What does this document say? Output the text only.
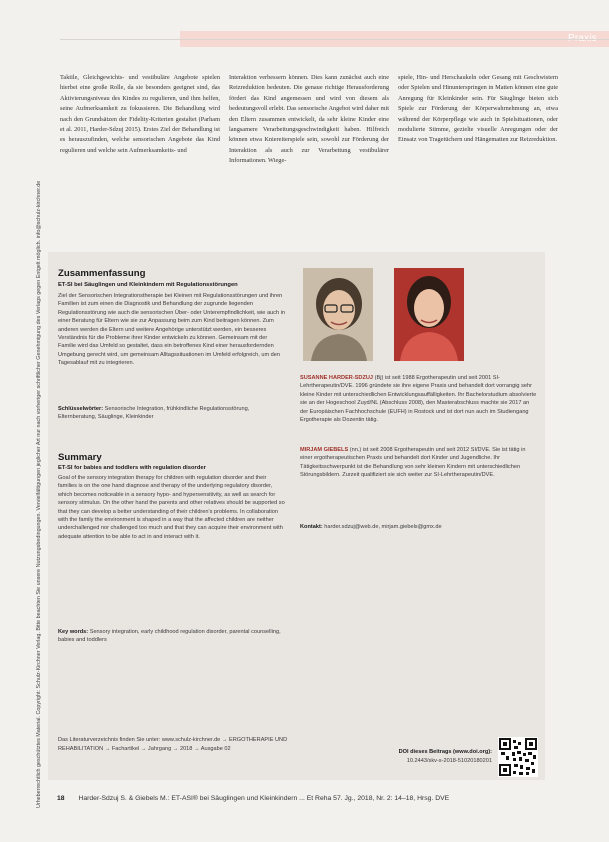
Urheberrechtlich geschütztes Material. Copyright: Schulz-Kirchner Verlag. Bitte beachten Sie unsere Nutzungsbedingungen. Vervielfältigungen jeglicher Art nur nach vorheriger schriftlicher Genehmigung des Verlags gegen Entgelt möglich. info@schulz-kirchner.de
Taktile, Gleichgewichts- und vestibuläre Angebote spielen hierbei eine große Rolle, da sie besonders geeignet sind, das Aktivierungsniveau des Kindes zu regulieren, und ihm helfen, seine Aufmerksamkeit zu fokussieren. Die Behandlung wird nach den Grundsätzen der Fidelity-Kriterien gestaltet (Parham et al. 2011, Harder-Sdzuj 2015). Erstes Ziel der Behandlung ist es herauszufinden, welche sensorischen Angebote das Kind regulieren und welche sein Aufmerksamkeits- und
Interaktion verbessern können. Dies kann zunächst auch eine Reizreduktion bedeuten. Die genaue richtige Herausforderung fördert das Kind angemessen und wird von diesem als bedeutungsvoll erlebt. Das sensorische Angebot wird daher mit den Eltern zusammen entwickelt, da sehr kleine Kinder eine langsamere Verarbeitungsgeschwindigkeit haben. Hilfreich können etwa Kniereiterspiele sein, sowohl zur Förderung der Interaktion als auch zur Verarbeitung vestibulärer Informationen. Wiege-
spiele, Hin- und Herschaukeln oder Gesang mit Geschwistern oder Spielen und Hinunterspringen in Matten können eine gute Anregung für Kleinkinder sein. Für Säuglinge bieten sich Spiele zur Förderung der Körperwahrnehmung an, etwa während der Körperpflege wie auch in Spielsituationen, oder modulierte Stimme, gezielte visuelle Anregungen oder der Einsatz von Tragetüchern und Hängematten zur Reizreduktion.
Zusammenfassung
ET-SI bei Säuglingen und Kleinkindern mit Regulationsstörungen
Ziel der Sensorischen Integrationstherapie bei Kleinen mit Regulationsstörungen und ihren Familien ist zum einen die Diagnostik und Behandlung der zugrunde liegenden Regulationsstörung wie auch die sensorischen Über- oder Unterempfindlichkeit, wie auch in einer Beratung für Eltern wie sie zur Anpassung beim zum Kind beitragen können. Zum anderen werden die Eltern und weitere Angehörige unterstützt werden, ein besseres Verständnis für die Probleme ihrer Kinder entwickeln zu können. Gemeinsam mit der Familie wird das Umfeld so gestaltet, dass ein betroffenes Kind einer herausfordernden Umgebung gerecht wird, um gemeinsam Alltagssituationen im Umfeld erfolgreich, um den Tagesablauf mit zu integrieren.
Schlüsselwörter: Sensorische Integration, frühkindliche Regulationsstörung, Elternberatung, Säuglinge, Kleinkinder
Summary
ET-SI for babies and toddlers with regulation disorder
Goal of the sensory integration therapy for children with regulation disorder and their families is on the one hand diagnose and therapy of the underlying regulatory disorder, which becomes noticeable in a sensory hypo- and hypersensitivity, as well as search for sensory stimulus. On the other hand the parents and other relatives should be supported so that they can develop a better understanding of their children's problems. In collaboration with the family the environment is shaped in a way that the affected children are neither underchallenged nor challenged too much and that they can acquire their environment with adequate attention to be able to act in and interact with it.
Key words: Sensory integration, early childhood regulation disorder, parental counselling, babies and toddlers
SUSANNE HARDER-SDZUJ (Bj) ist seit 1988 Ergotherapeutin und seit 2001 SI-Lehrtherapeutin/DVE. 1996 gründete sie ihre eigene Praxis und behandelt dort vorrangig sehr kleine Kinder mit unterschiedlichen Entwicklungsauffälligkeiten. Ihr Bachelorstudium absolvierte sie an der Hogeschool Zuyd/NL (Abschluss 2008), den Masterabschluss machte sie 2017 an der Europäischen Fachhochschule (EUFH) in Rostock und ist dort nun auch im Studiengang Ergotherapie als Dozentin tätig.
MIRJAM GIEBELS (nn.) ist seit 2008 Ergotherapeutin und seit 2012 SI/DVE. Sie ist tätig in einer ergotherapeutischen Praxis und behandelt dort Kinder und Jugendliche. Ihr Tätigkeitsschwerpunkt ist die Behandlung von sehr kleinen Kindern mit unterschiedlichen Störungsbildern. Zurzeit qualifiziert sie sich weiter zur SI-Lehrtherapeutin/DVE.
Kontakt: harder.sdzuj@web.de, mirjam.giebels@gmx.de
Das Literaturverzeichnis finden Sie unter: www.schulz-kirchner.de → ERGOTHERAPIE UND REHABILITATION → Fachartikel → Jahrgang → 2018 → Ausgabe 02
DOI dieses Beitrags (www.doi.org):
10.2443/skv-s-2018-51020180201
18 Harder-Sdzuj S. & Giebels M.: ET-ASI® bei Säuglingen und Kleinkindern ... Et Reha 57. Jg., 2018, Nr. 2: 14–18, Hrsg. DVE
